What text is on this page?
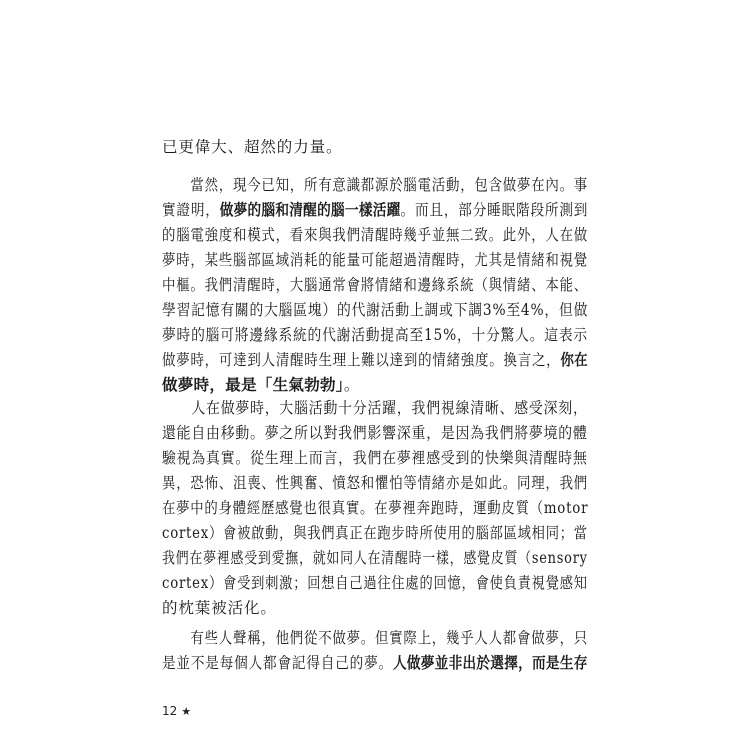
已更偉大、超然的力量。
　　當然，現今已知，所有意識都源於腦電活動，包含做夢在內。事
實證明，做夢的腦和清醒的腦一樣活躍。而且，部分睡眠階段所測到
的腦電強度和模式，看來與我們清醒時幾乎並無二致。此外，人在做
夢時，某些腦部區域消耗的能量可能超過清醒時，尤其是情緒和視覺
中樞。我們清醒時，大腦通常會將情緒和邊緣系統（與情緒、本能、
學習記憶有關的大腦區塊）的代謝活動上調或下調3%至4%，但做
夢時的腦可將邊緣系統的代謝活動提高至15%，十分驚人。這表示
做夢時，可達到人清醒時生理上難以達到的情緒強度。換言之，你在
做夢時，最是「生氣勃勃」。
　　人在做夢時，大腦活動十分活躍，我們視線清晰、感受深刻，
還能自由移動。夢之所以對我們影響深重，是因為我們將夢境的體
驗視為真實。從生理上而言，我們在夢裡感受到的快樂與清醒時無
異，恐怖、沮喪、性興奮、憤怒和懼怕等情緒亦是如此。同理，我們
在夢中的身體經歷感覺也很真實。在夢裡奔跑時，運動皮質（motor
cortex）會被啟動，與我們真正在跑步時所使用的腦部區域相同；當
我們在夢裡感受到愛撫，就如同人在清醒時一樣，感覺皮質（sensory
cortex）會受到刺激；回想自己過往住處的回憶，會使負責視覺感知
的枕葉被活化。
　　有些人聲稱，他們從不做夢。但實際上，幾乎人人都會做夢，只
是並不是每個人都會記得自己的夢。人做夢並非出於選擇，而是生存
12 ★
